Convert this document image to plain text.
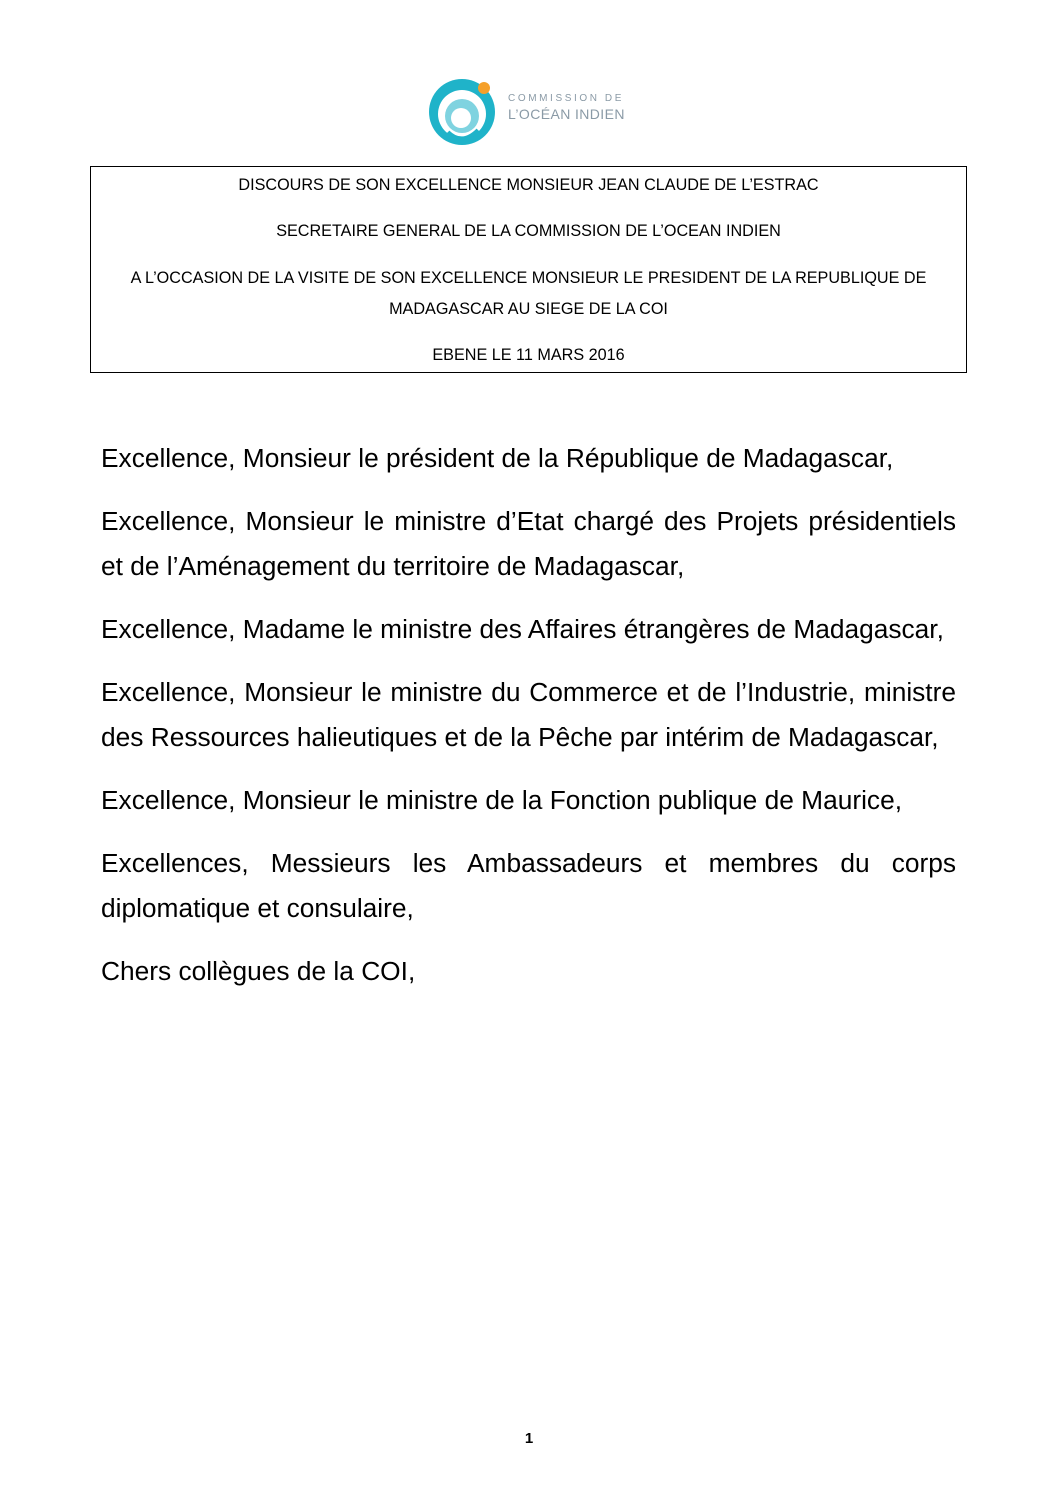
COMMISSION DE
L’OCÉAN INDIEN

DISCOURS DE SON EXCELLENCE MONSIEUR JEAN CLAUDE DE L’ESTRAC

SECRETAIRE GENERAL DE LA COMMISSION DE L’OCEAN INDIEN

A L’OCCASION DE LA VISITE DE SON EXCELLENCE MONSIEUR LE PRESIDENT DE LA REPUBLIQUE DE

MADAGASCAR AU SIEGE DE LA COI

EBENE LE 11 MARS 2016

Excellence, Monsieur le président de la République de Madagascar,

Excellence, Monsieur le ministre d’Etat chargé des Projets présidentiels et de l’Aménagement du territoire de Madagascar,

Excellence, Madame le ministre des Affaires étrangères de Madagascar,

Excellence, Monsieur le ministre du Commerce et de l’Industrie, ministre des Ressources halieutiques et de la Pêche par intérim de Madagascar,

Excellence, Monsieur le ministre de la Fonction publique de Maurice,

Excellences, Messieurs les Ambassadeurs et membres du corps diplomatique et consulaire,

Chers collègues de la COI,

1
